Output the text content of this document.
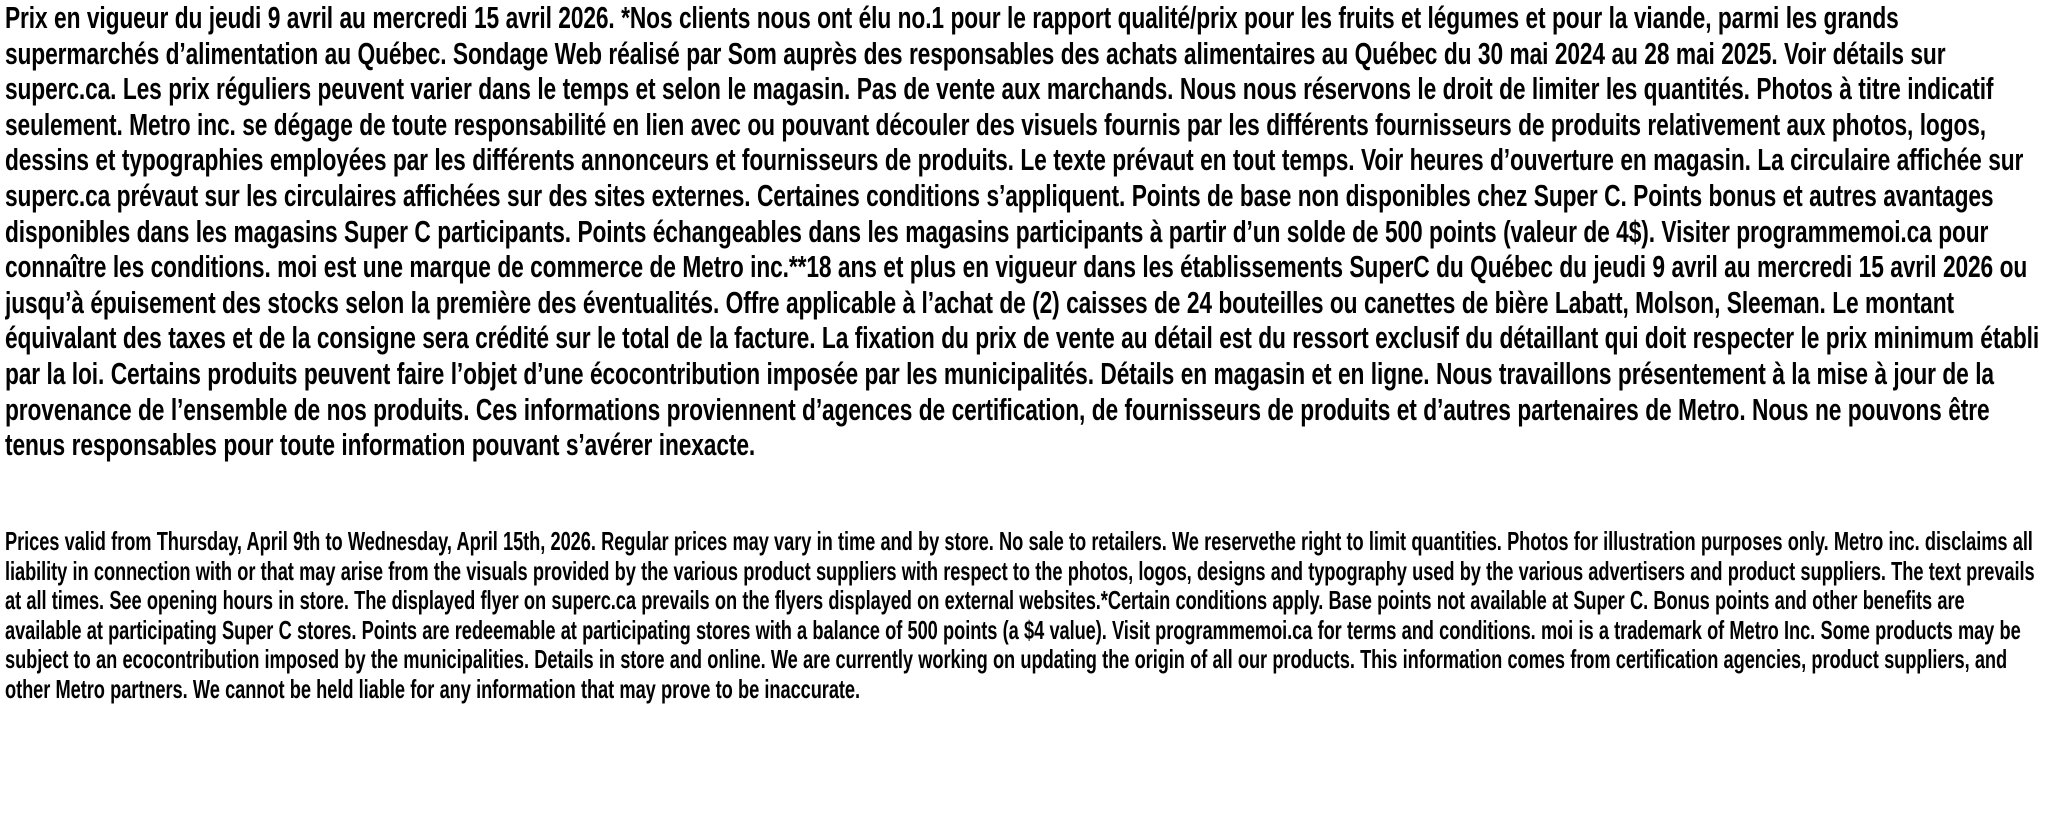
Prix en vigueur du jeudi 9 avril au mercredi 15 avril 2026. *Nos clients nous ont élu no.1 pour le rapport qualité/prix pour les fruits et légumes et pour la viande, parmi les grands supermarchés d’alimentation au Québec. Sondage Web réalisé par Som auprès des responsables des achats alimentaires au Québec du 30 mai 2024 au 28 mai 2025. Voir détails sur superc.ca. Les prix réguliers peuvent varier dans le temps et selon le magasin. Pas de vente aux marchands. Nous nous réservons le droit de limiter les quantités. Photos à titre indicatif seulement. Metro inc. se dégage de toute responsabilité en lien avec ou pouvant découler des visuels fournis par les différents fournisseurs de produits relativement aux photos, logos, dessins et typographies employées par les différents annonceurs et fournisseurs de produits. Le texte prévaut en tout temps. Voir heures d’ouverture en magasin. La circulaire affichée sur superc.ca prévaut sur les circulaires affichées sur des sites externes. Certaines conditions s’appliquent. Points de base non disponibles chez Super C. Points bonus et autres avantages disponibles dans les magasins Super C participants. Points échangeables dans les magasins participants à partir d’un solde de 500 points (valeur de 4$). Visiter programmemoi.ca pour connaître les conditions. moi est une marque de commerce de Metro inc.**18 ans et plus en vigueur dans les établissements SuperC du Québec du jeudi 9 avril au mercredi 15 avril 2026 ou jusqu’à épuisement des stocks selon la première des éventualités. Offre applicable à l’achat de (2) caisses de 24 bouteilles ou canettes de bière Labatt, Molson, Sleeman. Le montant équivalant des taxes et de la consigne sera crédité sur le total de la facture. La fixation du prix de vente au détail est du ressort exclusif du détaillant qui doit respecter le prix minimum établi par la loi. Certains produits peuvent faire l’objet d’une écocontribution imposée par les municipalités. Détails en magasin et en ligne. Nous travaillons présentement à la mise à jour de la provenance de l’ensemble de nos produits. Ces informations proviennent d’agences de certification, de fournisseurs de produits et d’autres partenaires de Metro. Nous ne pouvons être tenus responsables pour toute information pouvant s’avérer inexacte.

Prices valid from Thursday, April 9th to Wednesday, April 15th, 2026. Regular prices may vary in time and by store. No sale to retailers. We reservethe right to limit quantities. Photos for illustration purposes only. Metro inc. disclaims all liability in connection with or that may arise from the visuals provided by the various product suppliers with respect to the photos, logos, designs and typography used by the various advertisers and product suppliers. The text prevails at all times. See opening hours in store. The displayed flyer on superc.ca prevails on the flyers displayed on external websites.*Certain conditions apply. Base points not available at Super C. Bonus points and other benefits are available at participating Super C stores. Points are redeemable at participating stores with a balance of 500 points (a $4 value). Visit programmemoi.ca for terms and conditions. moi is a trademark of Metro Inc. Some products may be subject to an ecocontribution imposed by the municipalities. Details in store and online. We are currently working on updating the origin of all our products. This information comes from certification agencies, product suppliers, and other Metro partners. We cannot be held liable for any information that may prove to be inaccurate.
